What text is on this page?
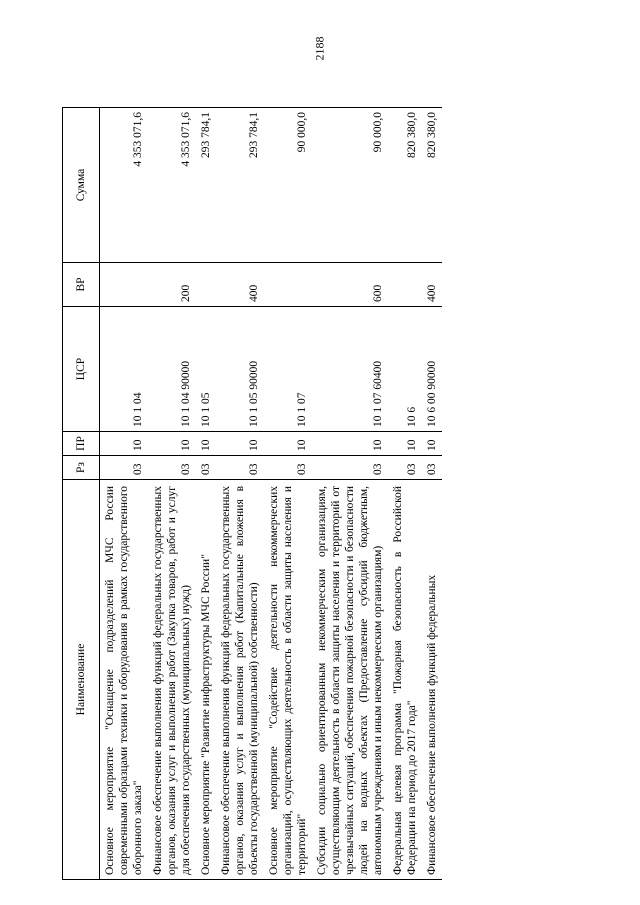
2188
Наименование	Рз	ПР	ЦСР	ВР	Сумма
Основное мероприятие "Оснащение подразделений МЧС России современными образцами техники и оборудования в рамках государственного оборонного заказа"	03	10	10 1 04		4 353 071,6
Финансовое обеспечение выполнения функций федеральных государственных органов, оказания услуг и выполнения работ (Закупка товаров, работ и услуг для обеспечения государственных (муниципальных) нужд)	03	10	10 1 04 90000	200	4 353 071,6
Основное мероприятие "Развитие инфраструктуры МЧС России"	03	10	10 1 05		293 784,1
Финансовое обеспечение выполнения функций федеральных государственных органов, оказания услуг и выполнения работ (Капитальные вложения в объекты государственной (муниципальной) собственности)	03	10	10 1 05 90000	400	293 784,1
Основное мероприятие "Содействие деятельности некоммерческих организаций, осуществляющих деятельность в области защиты населения и территорий"	03	10	10 1 07		90 000,0
Субсидии социально ориентированным некоммерческим организациям, осуществляющим деятельность в области защиты населения и территорий от чрезвычайных ситуаций, обеспечения пожарной безопасности и безопасности людей на водных объектах (Предоставление субсидий бюджетным, автономным учреждениям и иным некоммерческим организациям)	03	10	10 1 07 60400	600	90 000,0
Федеральная целевая программа "Пожарная безопасность в Российской Федерации на период до 2017 года"	03	10	10 6		820 380,0
Финансовое обеспечение выполнения функций федеральных	03	10	10 6 00 90000	400	820 380,0
